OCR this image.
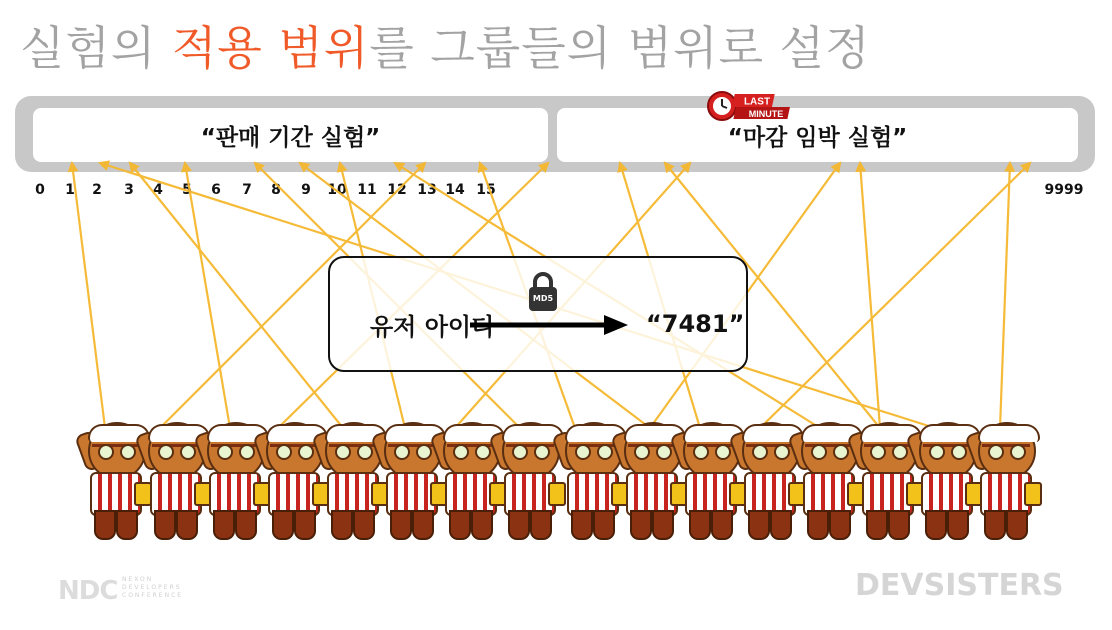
실험의 적용 범위를 그룹들의 범위로 설정
“판매 기간 실험”	“마감 임박 실험”
LAST
MINUTE
0 1 2 3 4 5 6 7 8 9 10 11 12 13 14 15	9999
유저 아이디
MD5
“7481”
NDC NEXON DEVELOPERS CONFERENCE	DEVSISTERS
